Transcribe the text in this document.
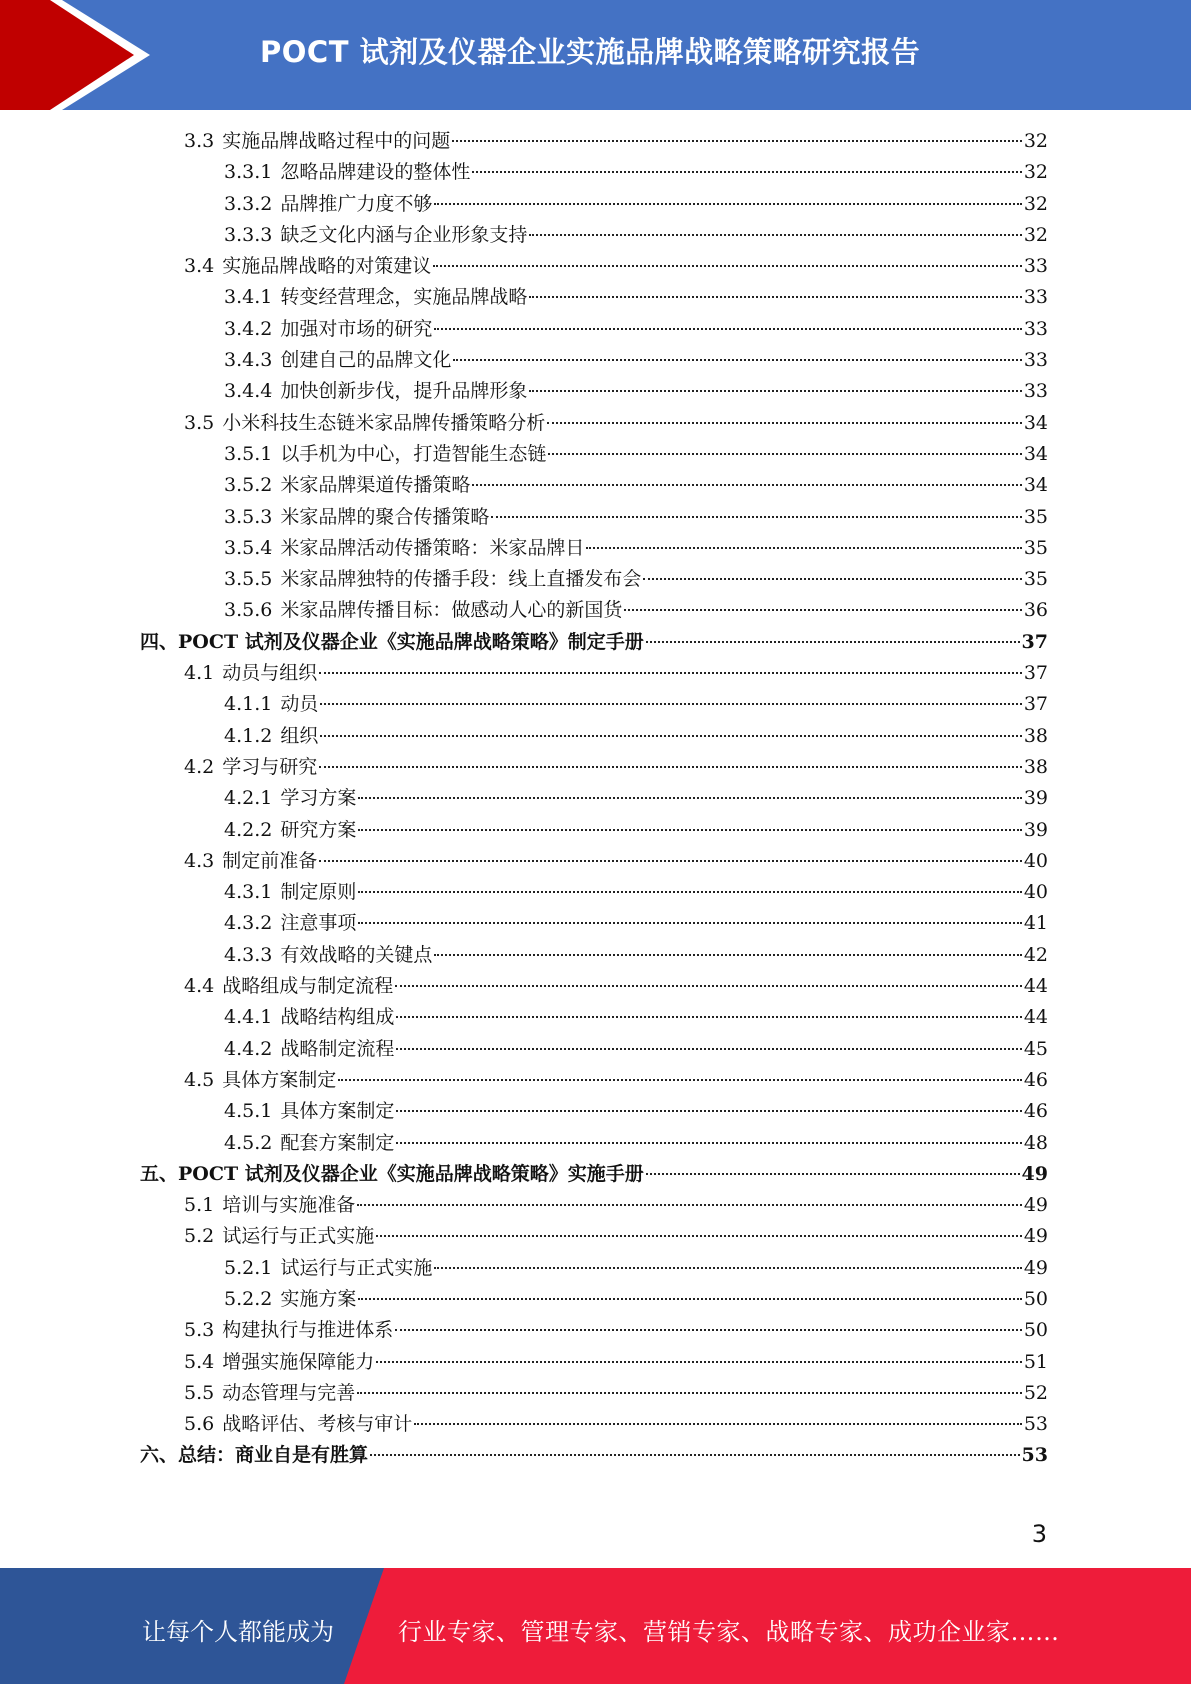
POCT 试剂及仪器企业实施品牌战略策略研究报告
3.3 实施品牌战略过程中的问题	32
3.3.1 忽略品牌建设的整体性	32
3.3.2 品牌推广力度不够	32
3.3.3 缺乏文化内涵与企业形象支持	32
3.4 实施品牌战略的对策建议	33
3.4.1 转变经营理念，实施品牌战略	33
3.4.2 加强对市场的研究	33
3.4.3 创建自己的品牌文化	33
3.4.4 加快创新步伐，提升品牌形象	33
3.5 小米科技生态链米家品牌传播策略分析	34
3.5.1 以手机为中心，打造智能生态链	34
3.5.2 米家品牌渠道传播策略	34
3.5.3 米家品牌的聚合传播策略	35
3.5.4 米家品牌活动传播策略：米家品牌日	35
3.5.5 米家品牌独特的传播手段：线上直播发布会	35
3.5.6 米家品牌传播目标：做感动人心的新国货	36
四、POCT 试剂及仪器企业《实施品牌战略策略》制定手册	37
4.1 动员与组织	37
4.1.1 动员	37
4.1.2 组织	38
4.2 学习与研究	38
4.2.1 学习方案	39
4.2.2 研究方案	39
4.3 制定前准备	40
4.3.1 制定原则	40
4.3.2 注意事项	41
4.3.3 有效战略的关键点	42
4.4 战略组成与制定流程	44
4.4.1 战略结构组成	44
4.4.2 战略制定流程	45
4.5 具体方案制定	46
4.5.1 具体方案制定	46
4.5.2 配套方案制定	48
五、POCT 试剂及仪器企业《实施品牌战略策略》实施手册	49
5.1 培训与实施准备	49
5.2 试运行与正式实施	49
5.2.1 试运行与正式实施	49
5.2.2 实施方案	50
5.3 构建执行与推进体系	50
5.4 增强实施保障能力	51
5.5 动态管理与完善	52
5.6 战略评估、考核与审计	53
六、总结：商业自是有胜算	53
3
让每个人都能成为	行业专家、管理专家、营销专家、战略专家、成功企业家……
